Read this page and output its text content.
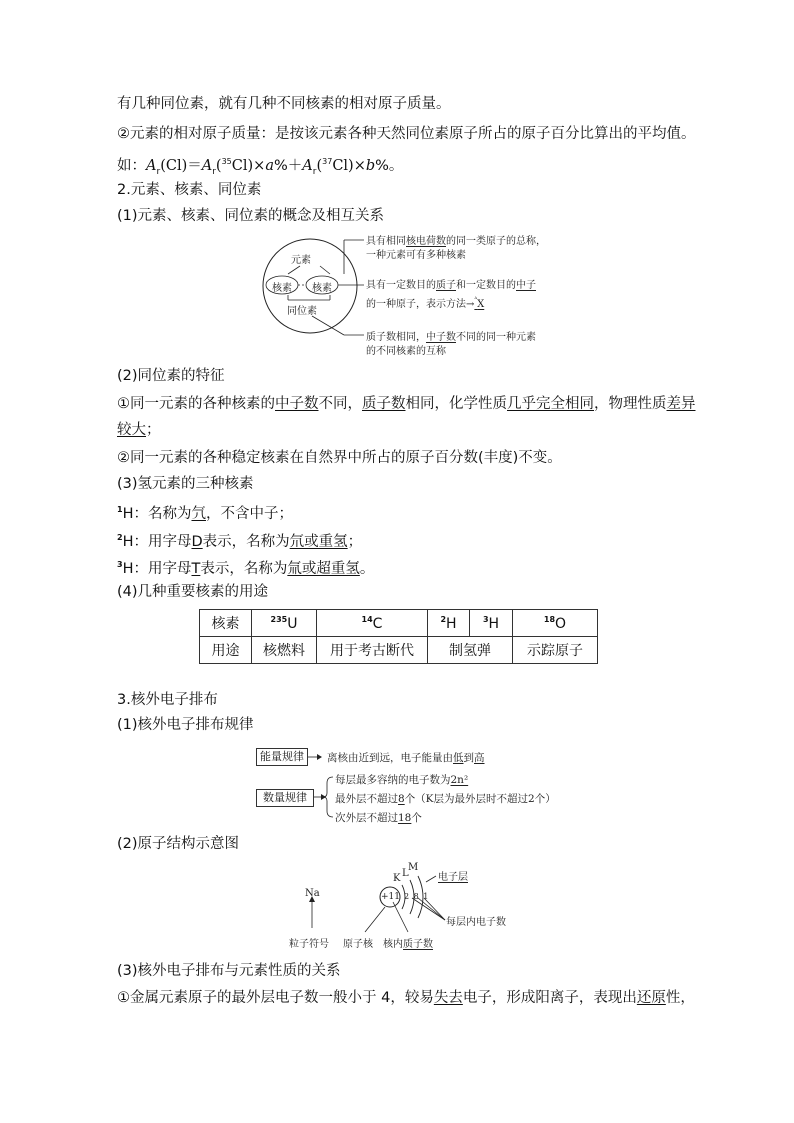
有几种同位素，就有几种不同核素的相对原子质量。
②元素的相对原子质量：是按该元素各种天然同位素原子所占的原子百分比算出的平均值。
如：$A_r(Cl)=A_r(^{35}Cl)\times a\%+A_r(^{37}Cl)\times b\%$。
2.元素、核素、同位素
(1)元素、核素、同位素的概念及相互关系
元素
核素 核素
同位素
具有相同核电荷数的同一类原子的总称，
一种元素可有多种核素
具有一定数目的质子和一定数目的中子
的一种原子，表示方法→$^ᴬ$X
质子数相同，中子数不同的同一种元素
的不同核素的互称
(2)同位素的特征
①同一元素的各种核素的中子数不同，质子数相同，化学性质几乎完全相同，物理性质差异
较大；
②同一元素的各种稳定核素在自然界中所占的原子百分数(丰度)不变。
(3)氢元素的三种核素
$^1$H：名称为氕，不含中子；
$^2$H：用字母D表示，名称为氘或重氢；
$^3$H：用字母T表示，名称为氚或超重氢。
(4)几种重要核素的用途
核素	$^{235}$U	$^{14}$C	$^2$H	$^3$H	$^{18}$O
用途	核燃料	用于考古断代	制氢弹		示踪原子
3.核外电子排布
(1)核外电子排布规律
能量规律	离核由近到远，电子能量由低到高
数量规律
每层最多容纳的电子数为2n²
最外层不超过8个（K层为最外层时不超过2个）
次外层不超过18个
(2)原子结构示意图
Na	+11 2 8 1
K L
M
电子层
每层内电子数
粒子符号 原子核 核内质子数
(3)核外电子排布与元素性质的关系
①金属元素原子的最外层电子数一般小于 4，较易失去电子，形成阳离子，表现出还原性，
